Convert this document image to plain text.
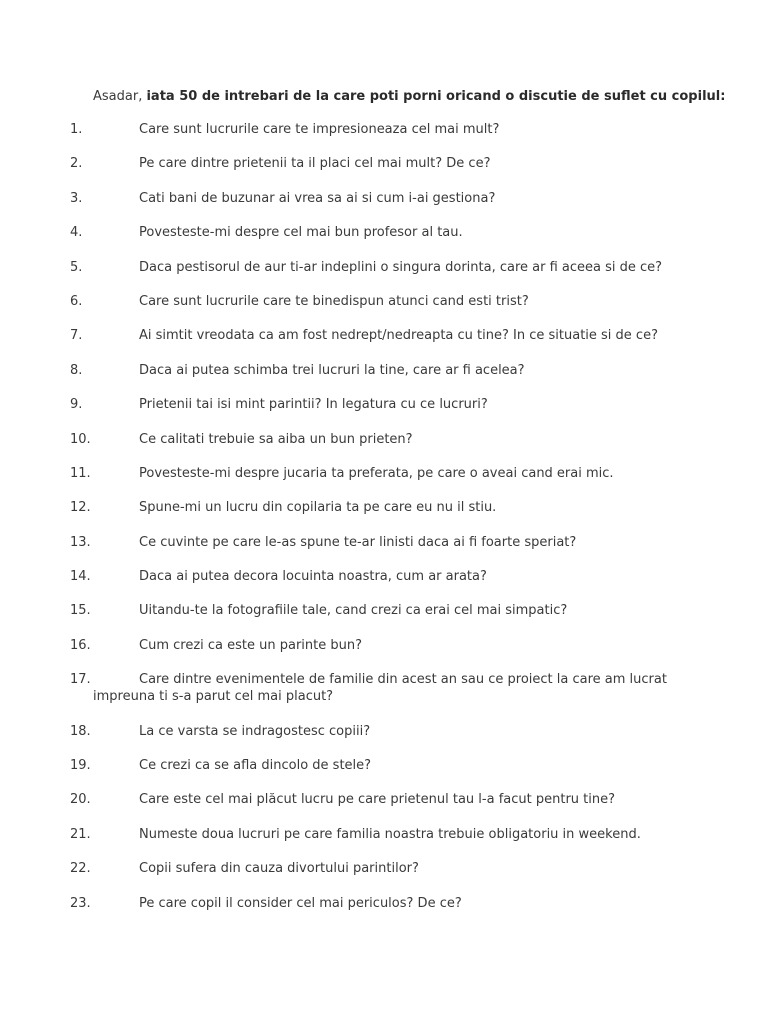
Asadar, iata 50 de intrebari de la care poti porni oricand o discutie de suflet cu copilul:
1.	Care sunt lucrurile care te impresioneaza cel mai mult?
2.	Pe care dintre prietenii ta il placi cel mai mult? De ce?
3.	Cati bani de buzunar ai vrea sa ai si cum i-ai gestiona?
4.	Povesteste-mi despre cel mai bun profesor al tau.
5.	Daca pestisorul de aur ti-ar indeplini o singura dorinta, care ar fi aceea si de ce?
6.	Care sunt lucrurile care te binedispun atunci cand esti trist?
7.	Ai simtit vreodata ca am fost nedrept/nedreapta cu tine? In ce situatie si de ce?
8.	Daca ai putea schimba trei lucruri la tine, care ar fi acelea?
9.	Prietenii tai isi mint parintii? In legatura cu ce lucruri?
10.	Ce calitati trebuie sa aiba un bun prieten?
11.	Povesteste-mi despre jucaria ta preferata, pe care o aveai cand erai mic.
12.	Spune-mi un lucru din copilaria ta pe care eu nu il stiu.
13.	Ce cuvinte pe care le-as spune te-ar linisti daca ai fi foarte speriat?
14.	Daca ai putea decora locuinta noastra, cum ar arata?
15.	Uitandu-te la fotografiile tale, cand crezi ca erai cel mai simpatic?
16.	Cum crezi ca este un parinte bun?
17.	Care dintre evenimentele de familie din acest an sau ce proiect la care am lucrat
impreuna ti s-a parut cel mai placut?
18.	La ce varsta se indragostesc copiii?
19.	Ce crezi ca se afla dincolo de stele?
20.	Care este cel mai plăcut lucru pe care prietenul tau l-a facut pentru tine?
21.	Numeste doua lucruri pe care familia noastra trebuie obligatoriu in weekend.
22.	Copii sufera din cauza divortului parintilor?
23.	Pe care copil il consider cel mai periculos? De ce?
